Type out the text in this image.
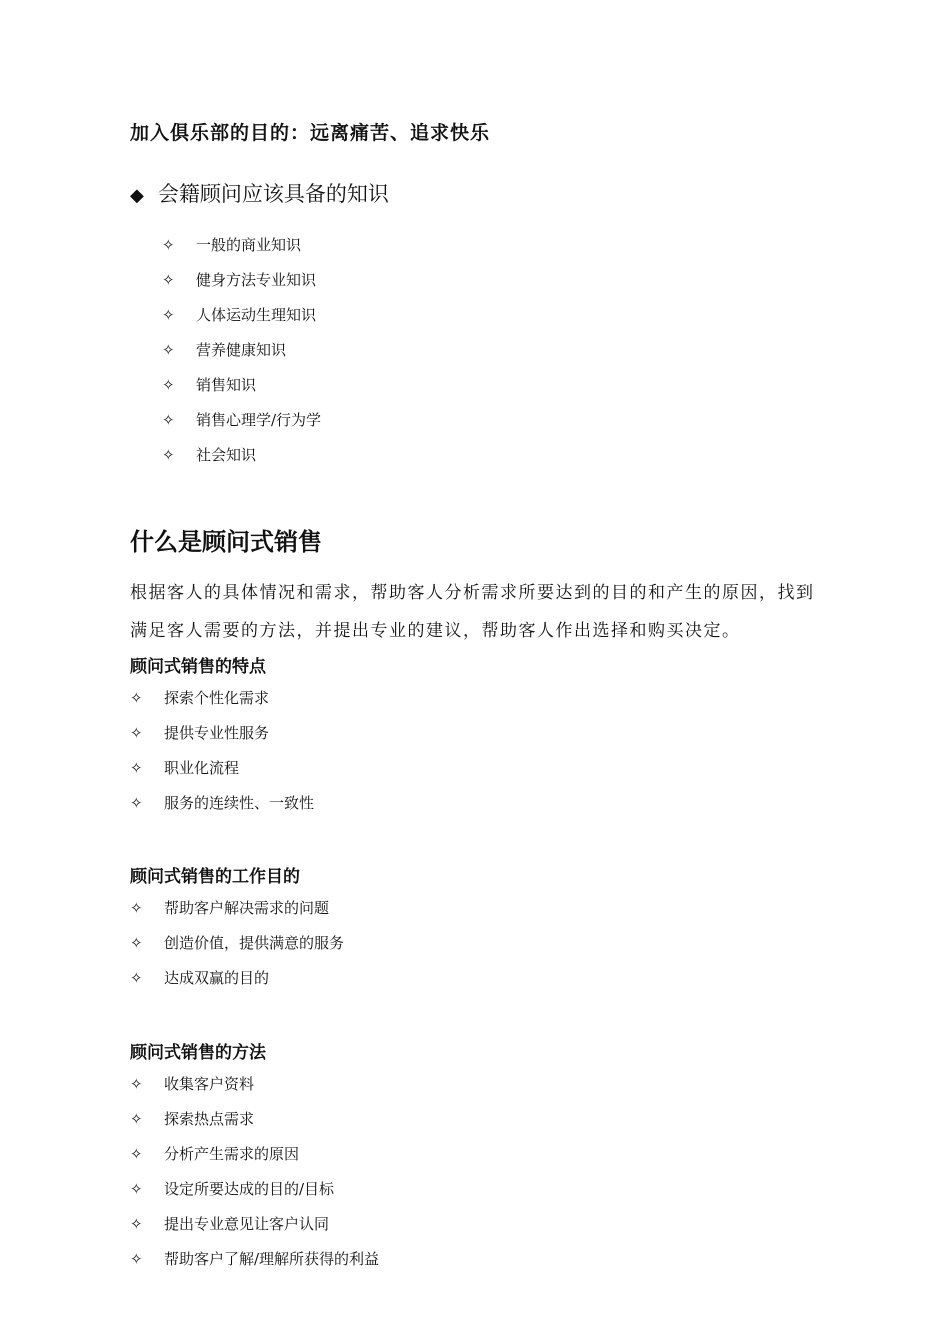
加入俱乐部的目的：远离痛苦、追求快乐
◆ 会籍顾问应该具备的知识
✧ 一般的商业知识
✧ 健身方法专业知识
✧ 人体运动生理知识
✧ 营养健康知识
✧ 销售知识
✧ 销售心理学/行为学
✧ 社会知识
什么是顾问式销售
根据客人的具体情况和需求，帮助客人分析需求所要达到的目的和产生的原因，找到
满足客人需要的方法，并提出专业的建议，帮助客人作出选择和购买决定。
顾问式销售的特点
✧ 探索个性化需求
✧ 提供专业性服务
✧ 职业化流程
✧ 服务的连续性、一致性
顾问式销售的工作目的
✧ 帮助客户解决需求的问题
✧ 创造价值，提供满意的服务
✧ 达成双赢的目的
顾问式销售的方法
✧ 收集客户资料
✧ 探索热点需求
✧ 分析产生需求的原因
✧ 设定所要达成的目的/目标
✧ 提出专业意见让客户认同
✧ 帮助客户了解/理解所获得的利益
